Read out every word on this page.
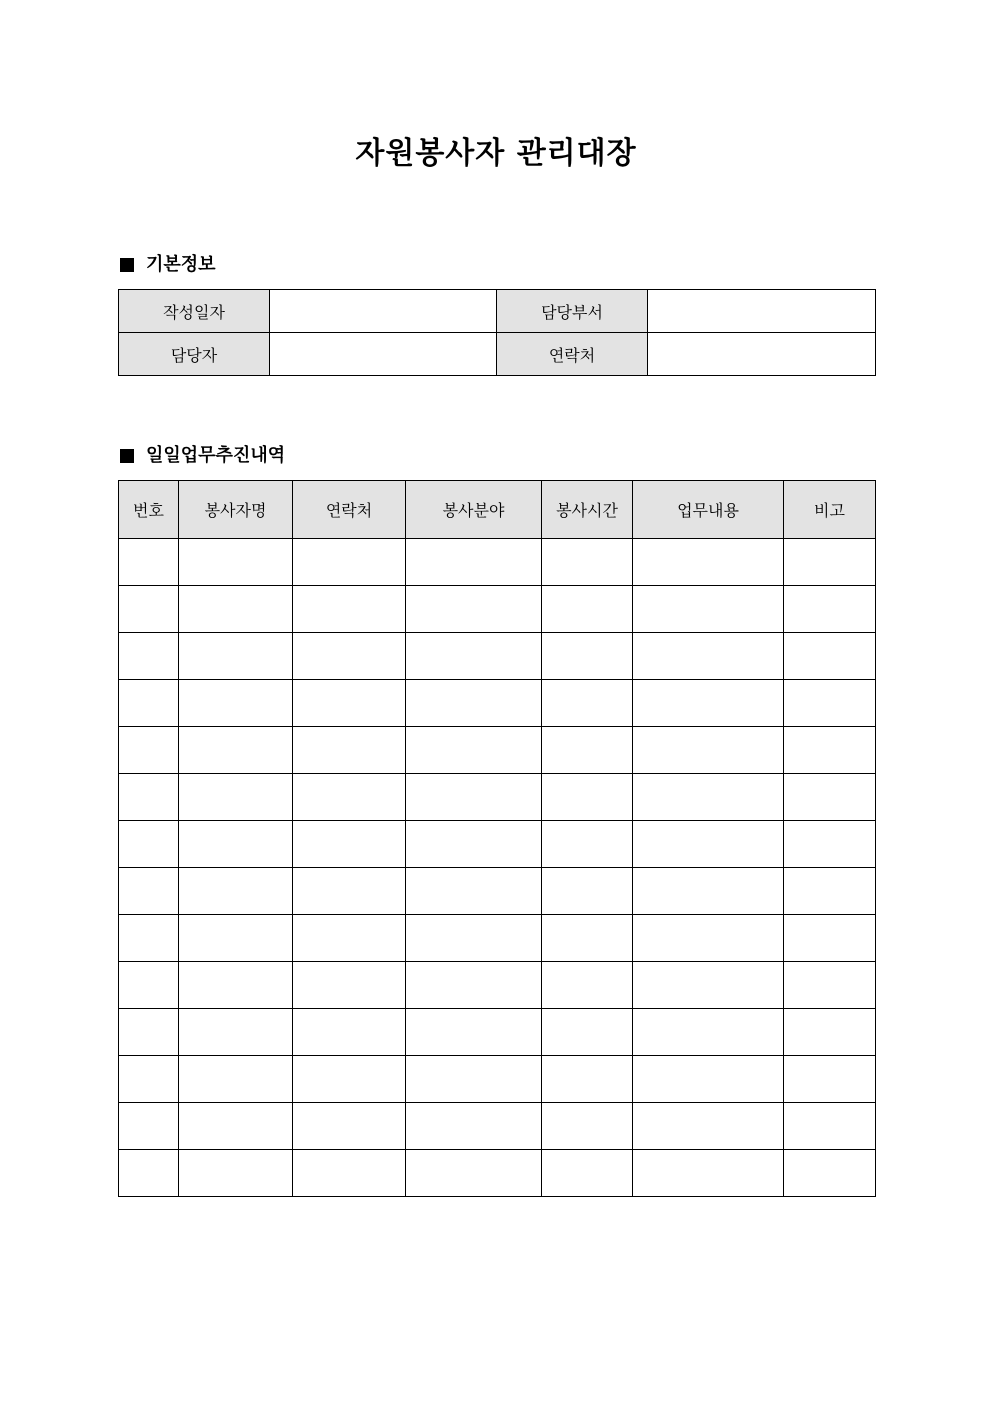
자원봉사자 관리대장
기본정보
작성일자		담당부서	
담당자		연락처	
일일업무추진내역
번호	봉사자명	연락처	봉사분야	봉사시간	업무내용	비고
